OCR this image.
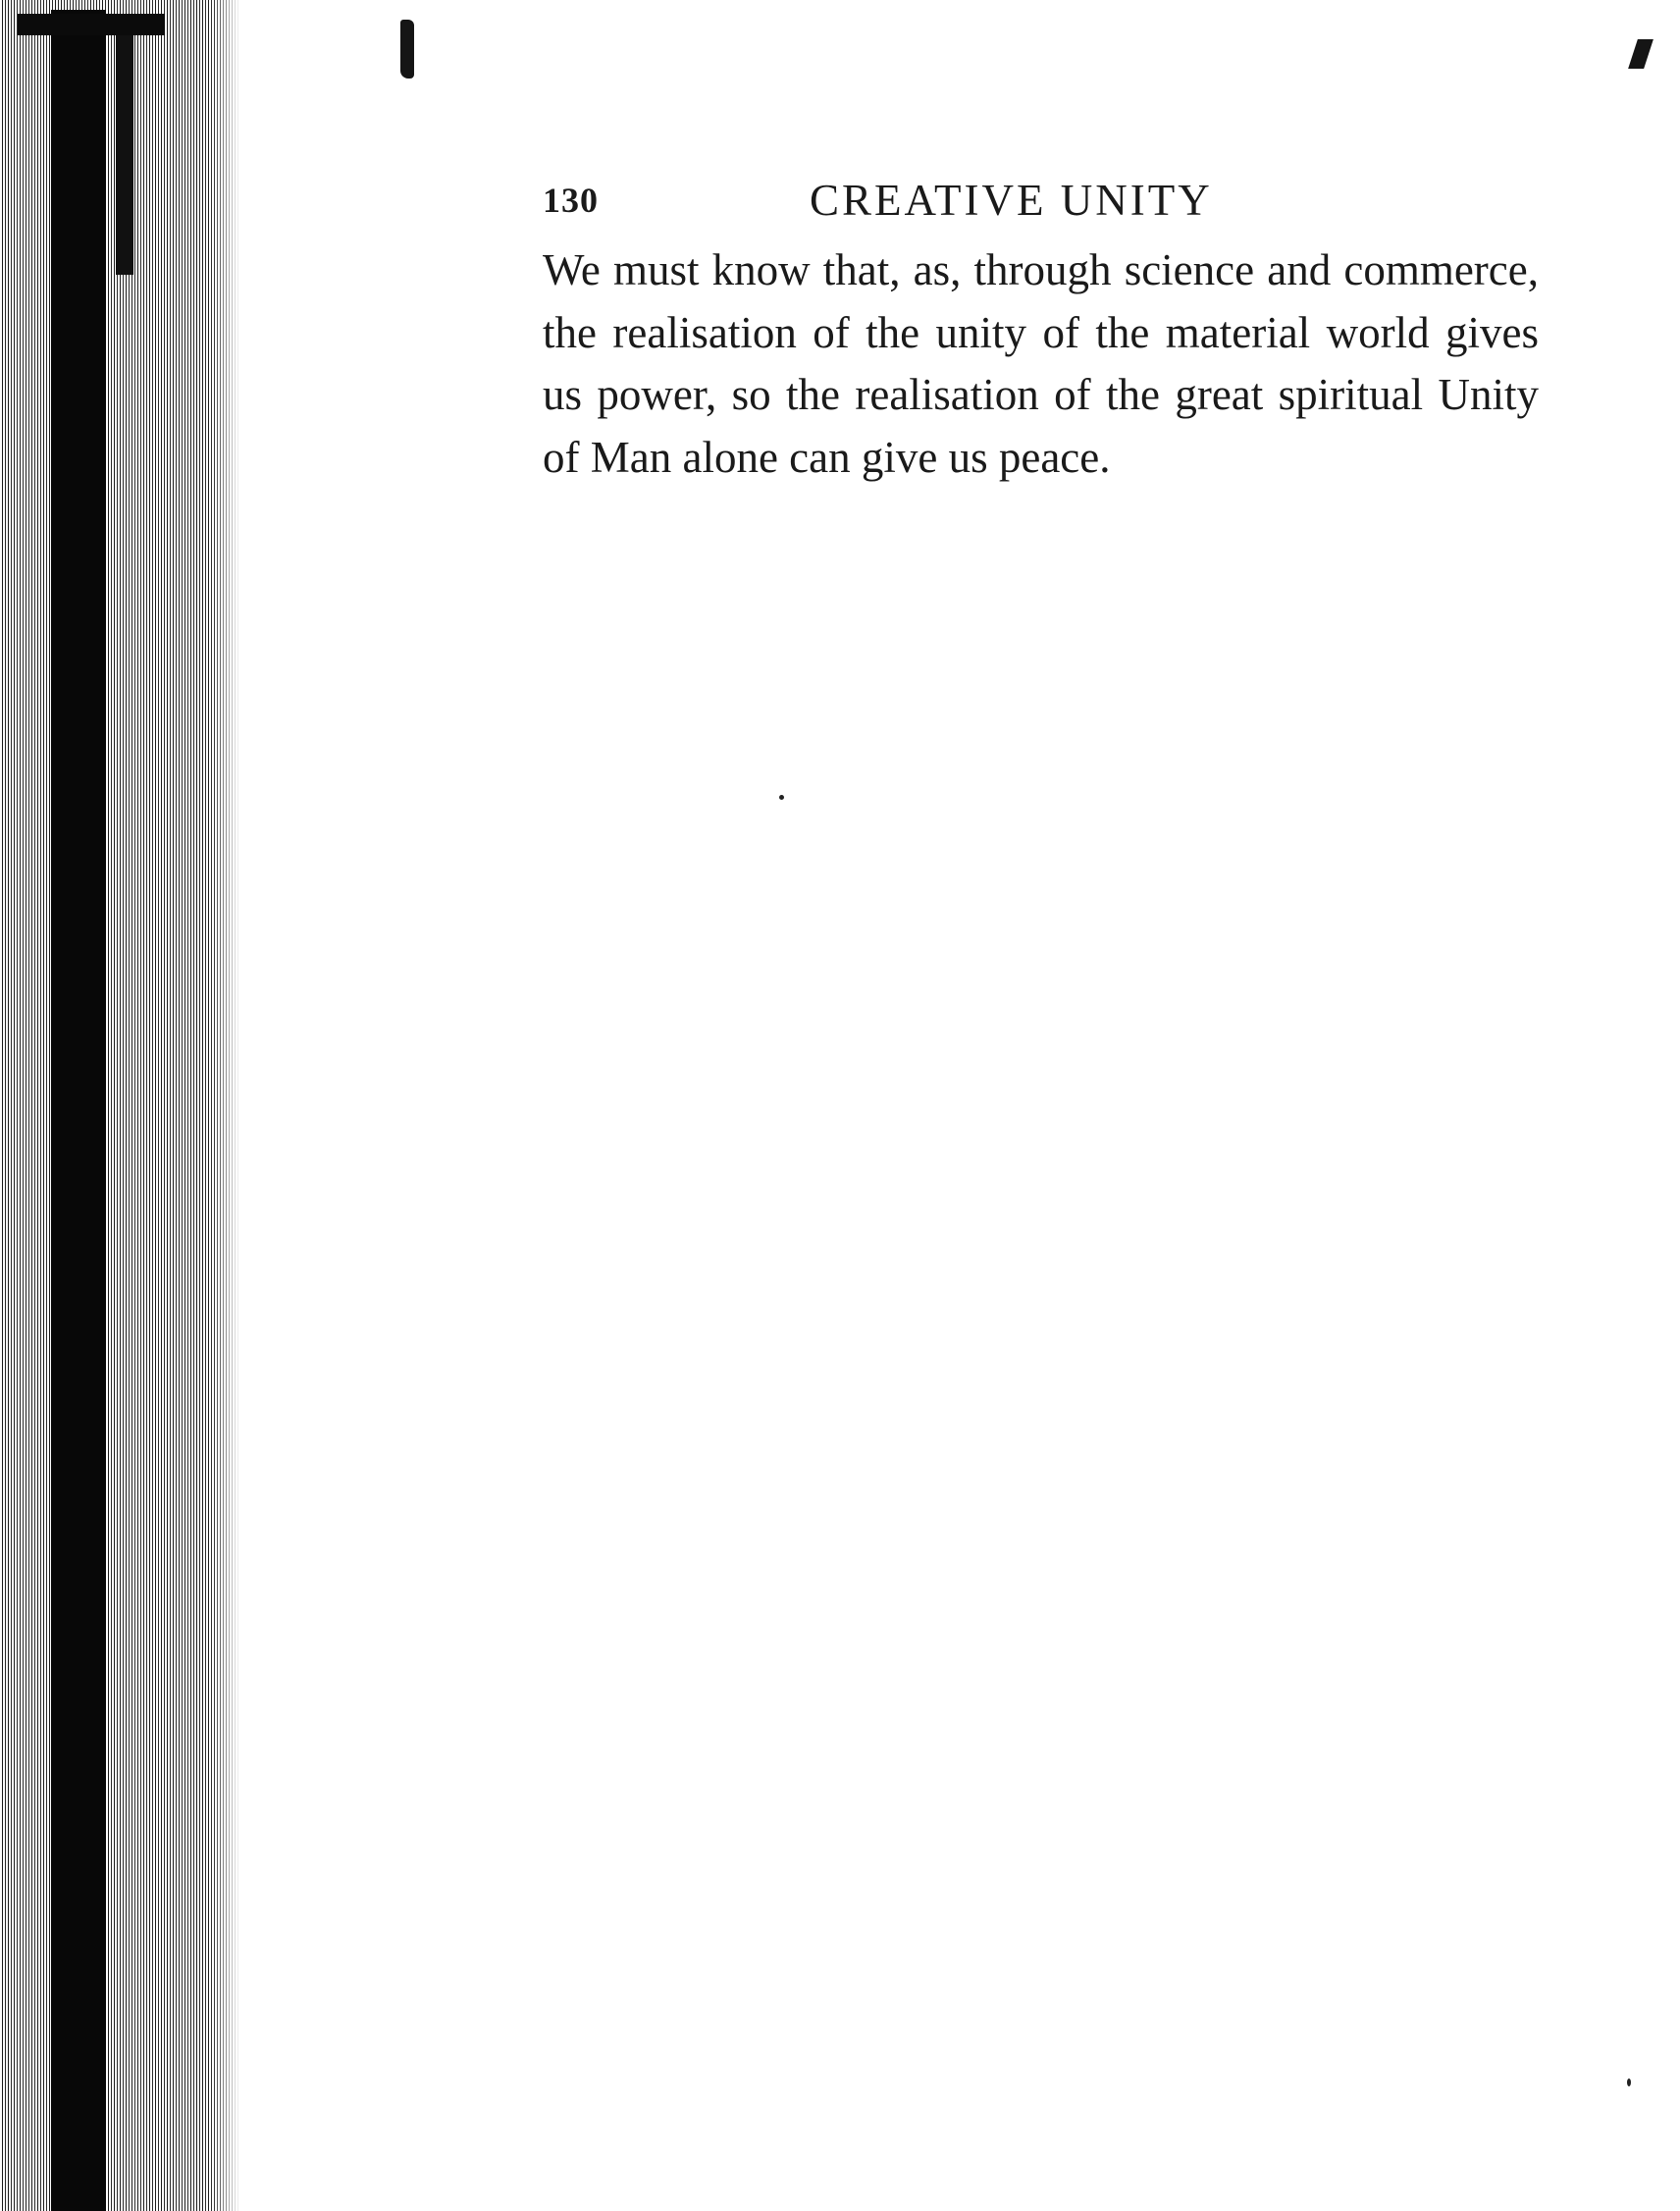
130	CREATIVE UNITY

We must know that, as, through science and commerce, the realisation of the unity of the material world gives us power, so the realisation of the great spiritual Unity of Man alone can give us peace.
